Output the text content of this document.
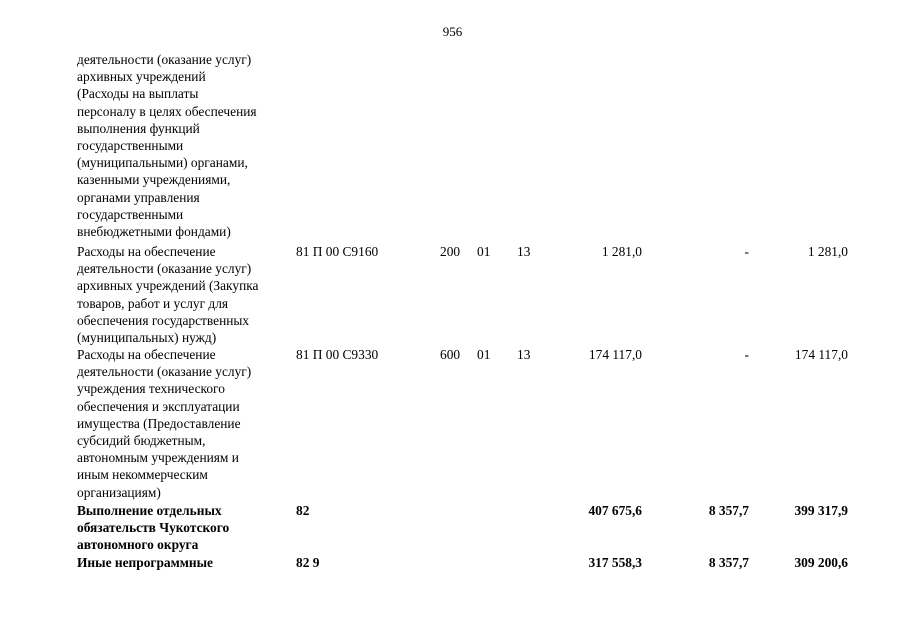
956
деятельности (оказание услуг)
архивных учреждений
(Расходы на выплаты
персоналу в целях обеспечения
выполнения функций
государственными
(муниципальными) органами,
казенными учреждениями,
органами управления
государственными
внебюджетными фондами)
Расходы на обеспечение
деятельности (оказание услуг)
архивных учреждений (Закупка
товаров, работ и услуг для
обеспечения государственных
(муниципальных) нужд)
81 П 00 С9160	200 01 13	1 281,0	-	1 281,0
Расходы на обеспечение
деятельности (оказание услуг)
учреждения технического
обеспечения и эксплуатации
имущества (Предоставление
субсидий бюджетным,
автономным учреждениям и
иным некоммерческим
организациям)
81 П 00 С9330	600 01 13	174 117,0	-	174 117,0
Выполнение отдельных
обязательств Чукотского
автономного округа
82	407 675,6	8 357,7	399 317,9
Иные непрограммные	82 9	317 558,3	8 357,7	309 200,6
